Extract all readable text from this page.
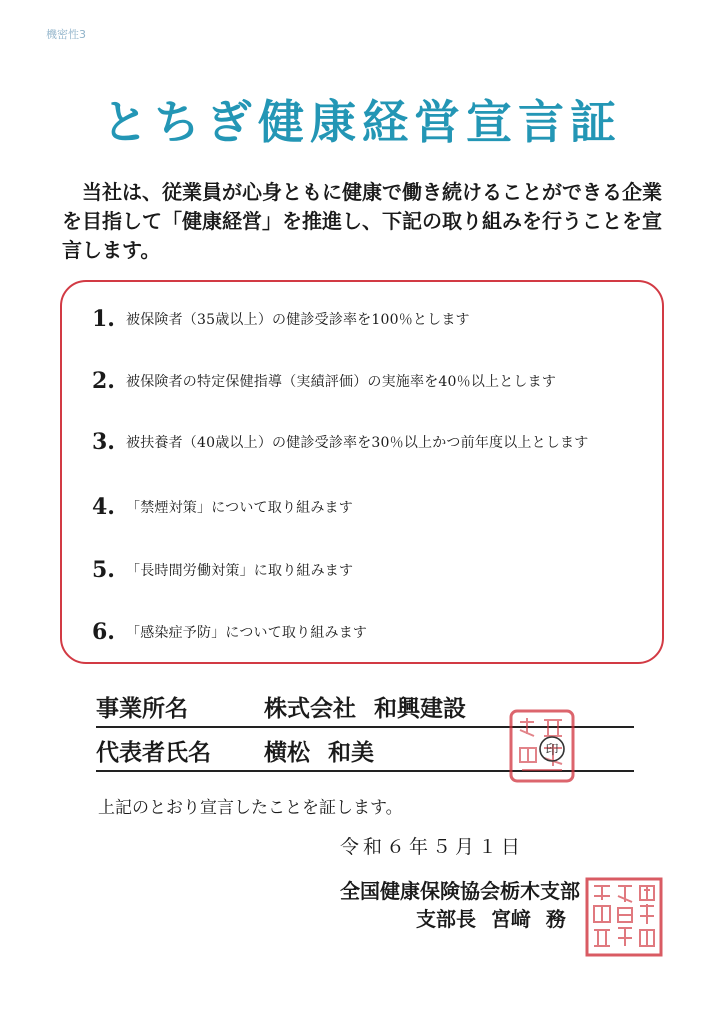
機密性3
とちぎ健康経営宣言証

当社は、従業員が心身ともに健康で働き続けることができる企業を目指して「健康経営」を推進し、下記の取り組みを行うことを宣言します。

1. 被保険者（35歳以上）の健診受診率を100％とします
2. 被保険者の特定保健指導（実績評価）の実施率を40％以上とします
3. 被扶養者（40歳以上）の健診受診率を30％以上かつ前年度以上とします
4. 「禁煙対策」について取り組みます
5. 「長時間労働対策」に取り組みます
6. 「感染症予防」について取り組みます
事業所名	株式会社 和興建設
代表者氏名	横松 和美	印
上記のとおり宣言したことを証します。
令和６年５月１日
全国健康保険協会栃木支部
支部長 宮﨑 務
